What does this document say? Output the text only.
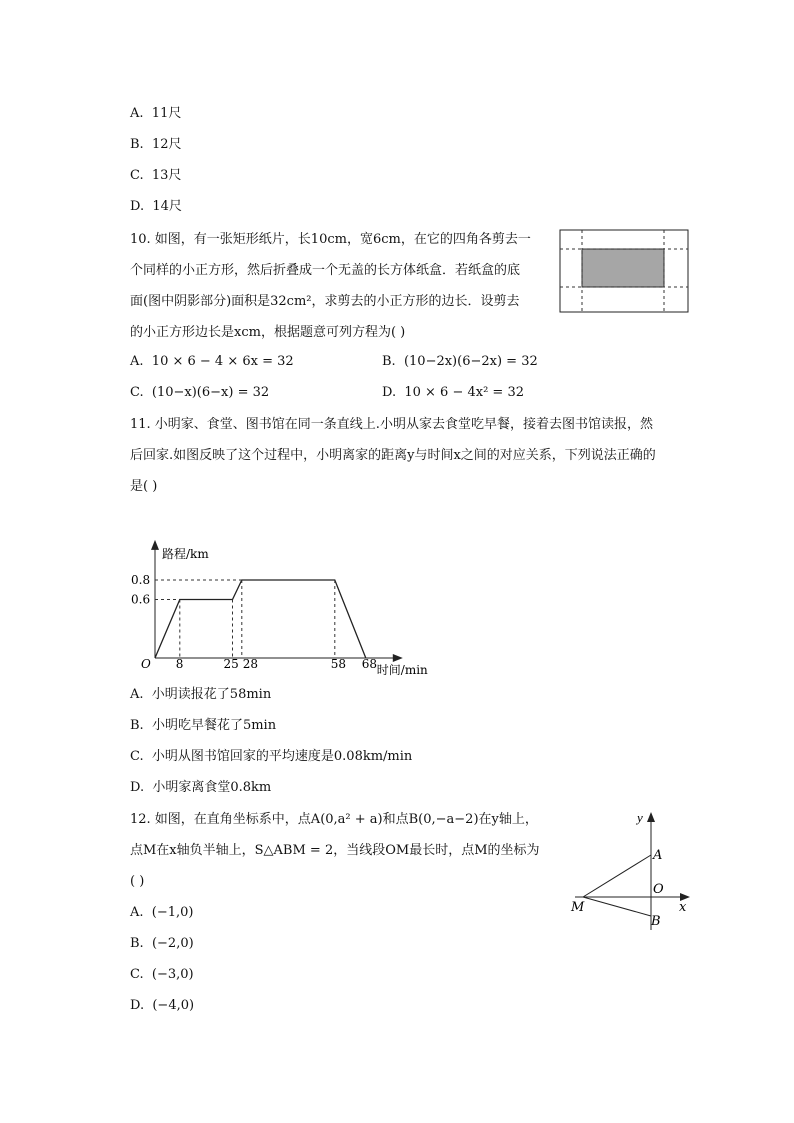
A. 11尺
B. 12尺
C. 13尺
D. 14尺
10. 如图，有一张矩形纸片，长10cm，宽6cm，在它的四角各剪去一
个同样的小正方形，然后折叠成一个无盖的长方体纸盒．若纸盒的底
面(图中阴影部分)面积是32cm²，求剪去的小正方形的边长．设剪去
的小正方形边长是xcm，根据题意可列方程为( )
A. 10 × 6 − 4 × 6x = 32	B. (10−2x)(6−2x) = 32
C. (10−x)(6−x) = 32	D. 10 × 6 − 4x² = 32
11. 小明家、食堂、图书馆在同一条直线上.小明从家去食堂吃早餐，接着去图书馆读报，然
后回家.如图反映了这个过程中，小明离家的距离y与时间x之间的对应关系，下列说法正确的
是( )
路程/km
时间/min
O
0.6
0.8
8	25 28	58 68
A. 小明读报花了58min
B. 小明吃早餐花了5min
C. 小明从图书馆回家的平均速度是0.08km/min
D. 小明家离食堂0.8km
12. 如图，在直角坐标系中，点A(0,a² + a)和点B(0,−a−2)在y轴上，
点M在x轴负半轴上，S△ABM = 2，当线段OM最长时，点M的坐标为
( )
y
x
A
O
B
M
A. (−1,0)
B. (−2,0)
C. (−3,0)
D. (−4,0)
